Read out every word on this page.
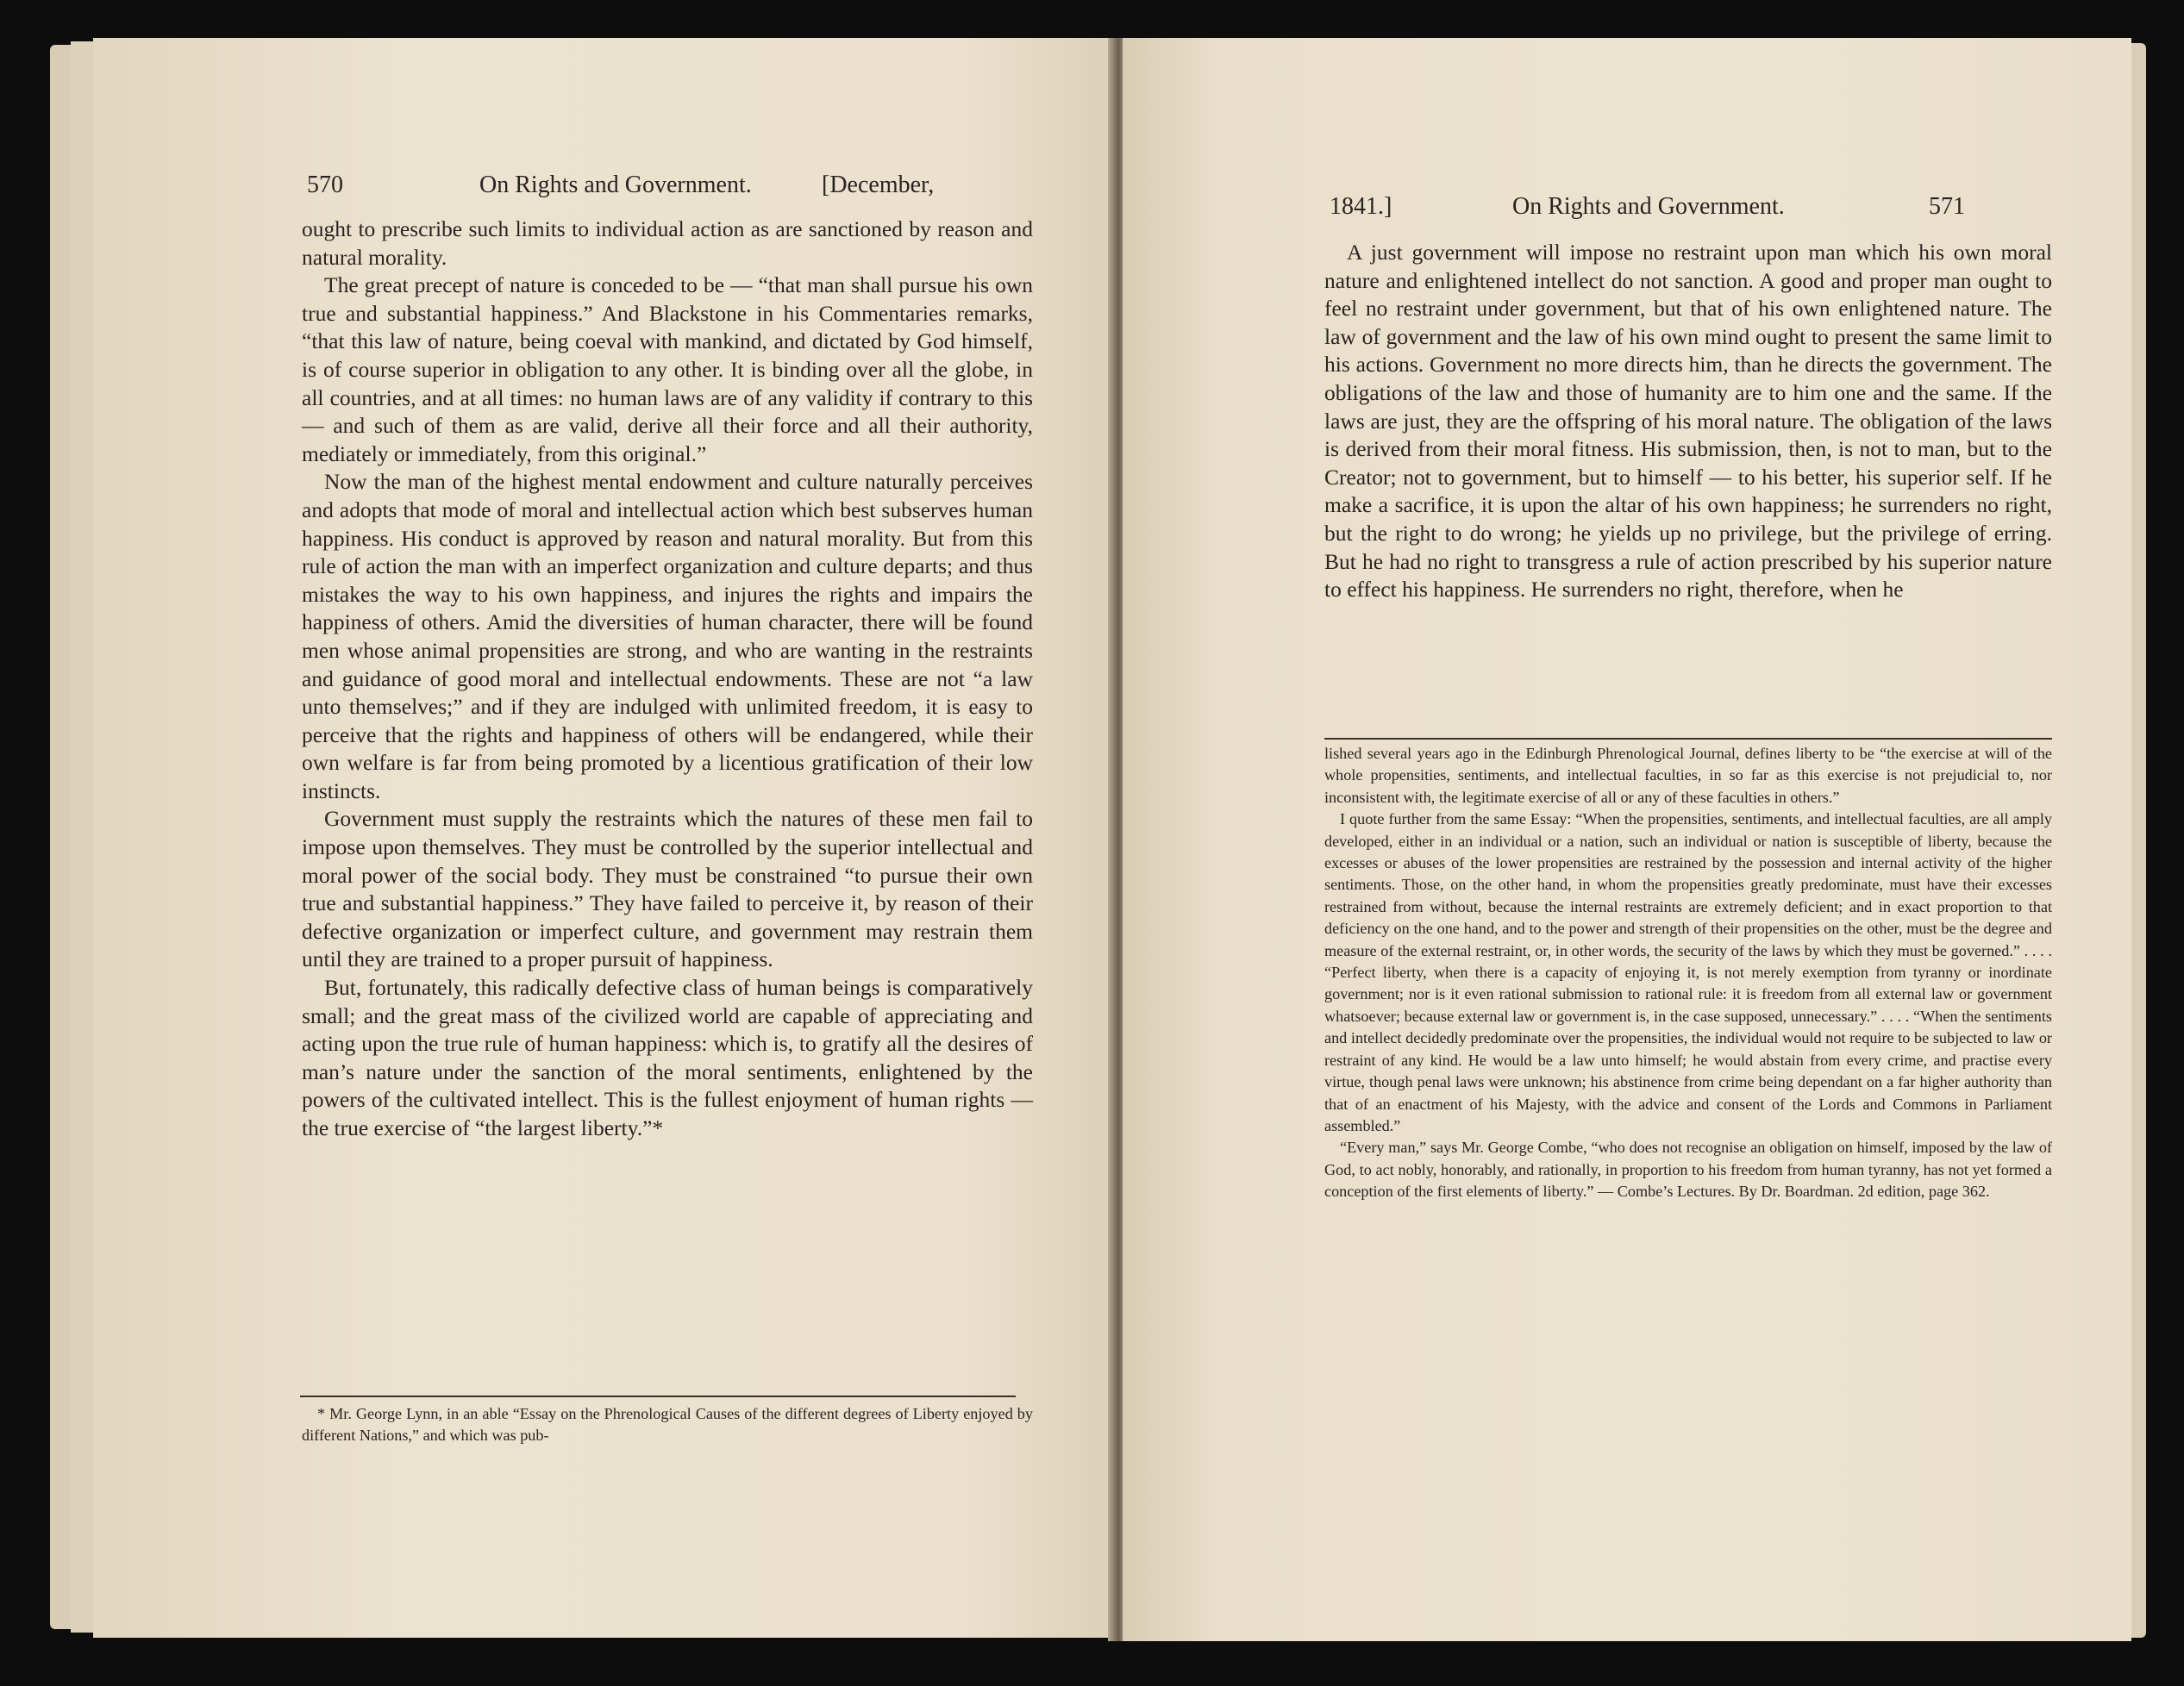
570	On Rights and Government.	[December,

ought to prescribe such limits to individual action as are sanctioned by reason and natural morality.

The great precept of nature is conceded to be — “that man shall pursue his own true and substantial happiness.” And Blackstone in his Commentaries remarks, “that this law of nature, being coeval with mankind, and dictated by God himself, is of course superior in obligation to any other. It is binding over all the globe, in all countries, and at all times: no human laws are of any validity if contrary to this — and such of them as are valid, derive all their force and all their authority, mediately or immediately, from this original.”

Now the man of the highest mental endowment and culture naturally perceives and adopts that mode of moral and intellectual action which best subserves human happiness. His conduct is approved by reason and natural morality. But from this rule of action the man with an imperfect organization and culture departs; and thus mistakes the way to his own happiness, and injures the rights and impairs the happiness of others. Amid the diversities of human character, there will be found men whose animal propensities are strong, and who are wanting in the restraints and guidance of good moral and intellectual endowments. These are not “a law unto themselves;” and if they are indulged with unlimited freedom, it is easy to perceive that the rights and happiness of others will be endangered, while their own welfare is far from being promoted by a licentious gratification of their low instincts.

Government must supply the restraints which the natures of these men fail to impose upon themselves. They must be controlled by the superior intellectual and moral power of the social body. They must be constrained “to pursue their own true and substantial happiness.” They have failed to perceive it, by reason of their defective organization or imperfect culture, and government may restrain them until they are trained to a proper pursuit of happiness.

But, fortunately, this radically defective class of human beings is comparatively small; and the great mass of the civilized world are capable of appreciating and acting upon the true rule of human happiness: which is, to gratify all the desires of man’s nature under the sanction of the moral sentiments, enlightened by the powers of the cultivated intellect. This is the fullest enjoyment of human rights — the true exercise of “the largest liberty.”*

* Mr. George Lynn, in an able “Essay on the Phrenological Causes of the different degrees of Liberty enjoyed by different Nations,” and which was pub-

1841.]	On Rights and Government.	571

A just government will impose no restraint upon man which his own moral nature and enlightened intellect do not sanction. A good and proper man ought to feel no restraint under government, but that of his own enlightened nature. The law of government and the law of his own mind ought to present the same limit to his actions. Government no more directs him, than he directs the government. The obligations of the law and those of humanity are to him one and the same. If the laws are just, they are the offspring of his moral nature. The obligation of the laws is derived from their moral fitness. His submission, then, is not to man, but to the Creator; not to government, but to himself — to his better, his superior self. If he make a sacrifice, it is upon the altar of his own happiness; he surrenders no right, but the right to do wrong; he yields up no privilege, but the privilege of erring. But he had no right to transgress a rule of action prescribed by his superior nature to effect his happiness. He surrenders no right, therefore, when he

lished several years ago in the Edinburgh Phrenological Journal, defines liberty to be “the exercise at will of the whole propensities, sentiments, and intellectual faculties, in so far as this exercise is not prejudicial to, nor inconsistent with, the legitimate exercise of all or any of these faculties in others.”

I quote further from the same Essay: “When the propensities, sentiments, and intellectual faculties, are all amply developed, either in an individual or a nation, such an individual or nation is susceptible of liberty, because the excesses or abuses of the lower propensities are restrained by the possession and internal activity of the higher sentiments. Those, on the other hand, in whom the propensities greatly predominate, must have their excesses restrained from without, because the internal restraints are extremely deficient; and in exact proportion to that deficiency on the one hand, and to the power and strength of their propensities on the other, must be the degree and measure of the external restraint, or, in other words, the security of the laws by which they must be governed.” . . . . “Perfect liberty, when there is a capacity of enjoying it, is not merely exemption from tyranny or inordinate government; nor is it even rational submission to rational rule: it is freedom from all external law or government whatsoever; because external law or government is, in the case supposed, unnecessary.” . . . . “When the sentiments and intellect decidedly predominate over the propensities, the individual would not require to be subjected to law or restraint of any kind. He would be a law unto himself; he would abstain from every crime, and practise every virtue, though penal laws were unknown; his abstinence from crime being dependant on a far higher authority than that of an enactment of his Majesty, with the advice and consent of the Lords and Commons in Parliament assembled.”

“Every man,” says Mr. George Combe, “who does not recognise an obligation on himself, imposed by the law of God, to act nobly, honorably, and rationally, in proportion to his freedom from human tyranny, has not yet formed a conception of the first elements of liberty.” — Combe’s Lectures. By Dr. Boardman. 2d edition, page 362.
